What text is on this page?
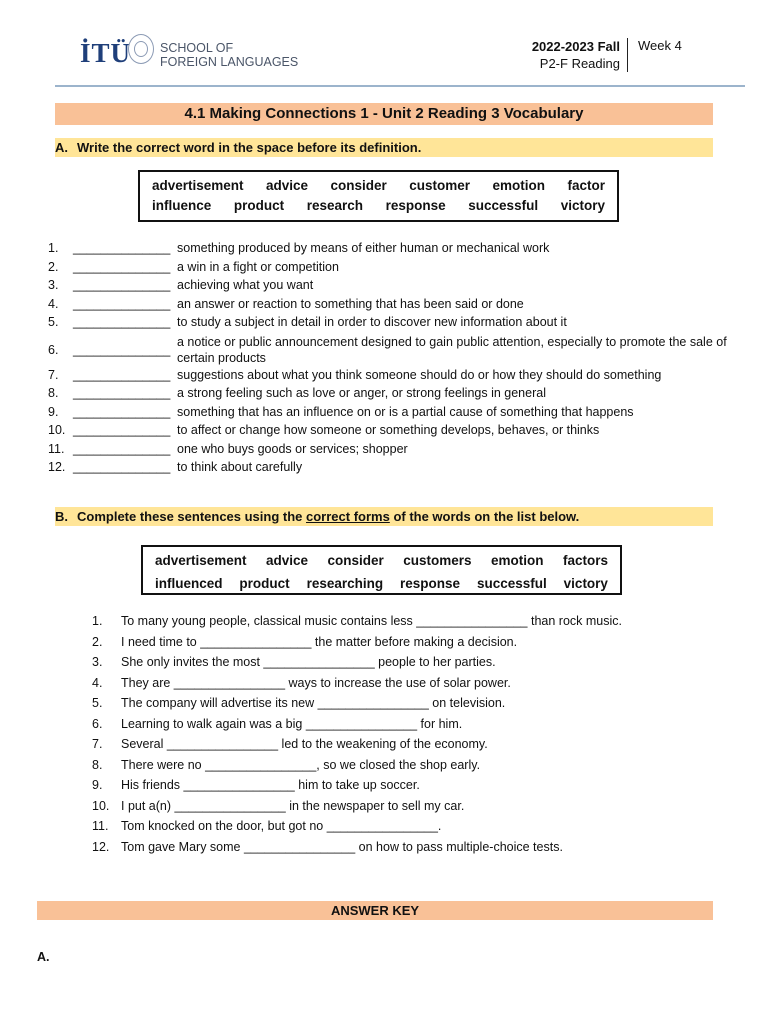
İTÜ SCHOOL OF
FOREIGN LANGUAGES
2022-2023 Fall
P2-F Reading
Week 4
4.1 Making Connections 1 - Unit 2 Reading 3 Vocabulary
A. Write the correct word in the space before its definition.
advertisement advice consider customer emotion factor
influence product research response successful victory
1.	______________ something produced by means of either human or mechanical work
2.	______________ a win in a fight or competition
3.	______________ achieving what you want
4.	______________ an answer or reaction to something that has been said or done
5.	______________ to study a subject in detail in order to discover new information about it
6.	______________
a notice or public announcement designed to gain public attention, especially to promote the sale of certain products
7.	______________ suggestions about what you think someone should do or how they should do something
8.	______________ a strong feeling such as love or anger, or strong feelings in general
9.	______________ something that has an influence on or is a partial cause of something that happens
10. ______________ to affect or change how someone or something develops, behaves, or thinks
11. ______________ one who buys goods or services; shopper
12. ______________ to think about carefully
B. Complete these sentences using the correct forms of the words on the list below.
advertisement advice consider customers emotion factors
influenced product researching response successful victory
1.	To many young people, classical music contains less ________________ than rock music.
2.	I need time to ________________ the matter before making a decision.
3.	She only invites the most ________________ people to her parties.
4.	They are ________________ ways to increase the use of solar power.
5.	The company will advertise its new ________________ on television.
6.	Learning to walk again was a big ________________ for him.
7.	Several ________________ led to the weakening of the economy.
8.	There were no ________________, so we closed the shop early.
9.	His friends ________________ him to take up soccer.
10. I put a(n) ________________ in the newspaper to sell my car.
11.	Tom knocked on the door, but got no ________________.
12. Tom gave Mary some ________________ on how to pass multiple-choice tests.
ANSWER KEY
A.
